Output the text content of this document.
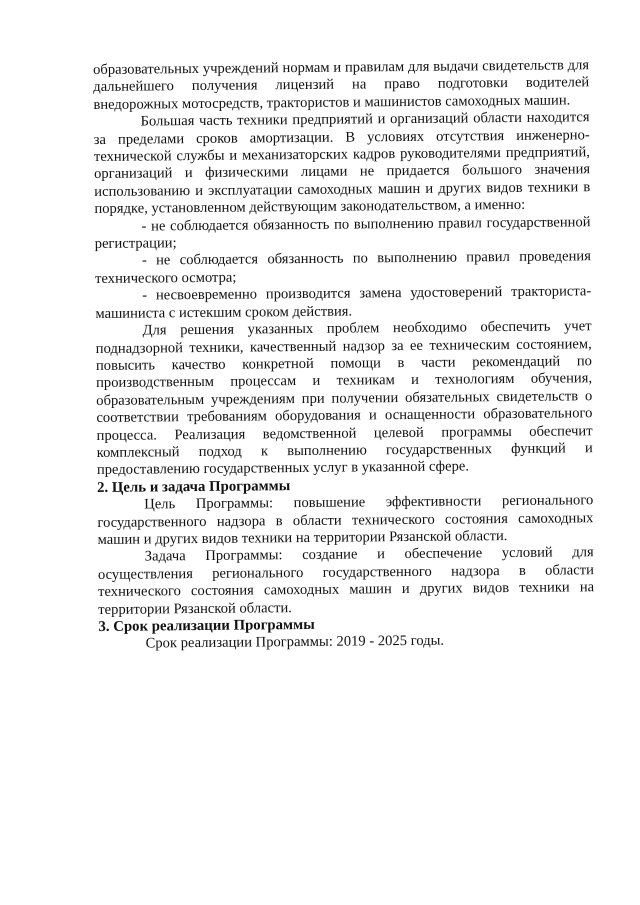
образовательных учреждений нормам и правилам для выдачи свидетельств для дальнейшего получения лицензий на право подготовки водителей внедорожных мотосредств, трактористов и машинистов самоходных машин.

Большая часть техники предприятий и организаций области находится за пределами сроков амортизации. В условиях отсутствия инженерно-технической службы и механизаторских кадров руководителями предприятий, организаций и физическими лицами не придается большого значения использованию и эксплуатации самоходных машин и других видов техники в порядке, установленном действующим законодательством, а именно:

- не соблюдается обязанность по выполнению правил государственной регистрации;

- не соблюдается обязанность по выполнению правил проведения технического осмотра;

- несвоевременно производится замена удостоверений тракториста-машиниста с истекшим сроком действия.

Для решения указанных проблем необходимо обеспечить учет поднадзорной техники, качественный надзор за ее техническим состоянием, повысить качество конкретной помощи в части рекомендаций по производственным процессам и техникам и технологиям обучения, образовательным учреждениям при получении обязательных свидетельств о соответствии требованиям оборудования и оснащенности образовательного процесса. Реализация ведомственной целевой программы обеспечит комплексный подход к выполнению государственных функций и предоставлению государственных услуг в указанной сфере.

2. Цель и задача Программы

Цель Программы: повышение эффективности регионального государственного надзора в области технического состояния самоходных машин и других видов техники на территории Рязанской области.

Задача Программы: создание и обеспечение условий для осуществления регионального государственного надзора в области технического состояния самоходных машин и других видов техники на территории Рязанской области.

3. Срок реализации Программы

Срок реализации Программы: 2019 - 2025 годы.
